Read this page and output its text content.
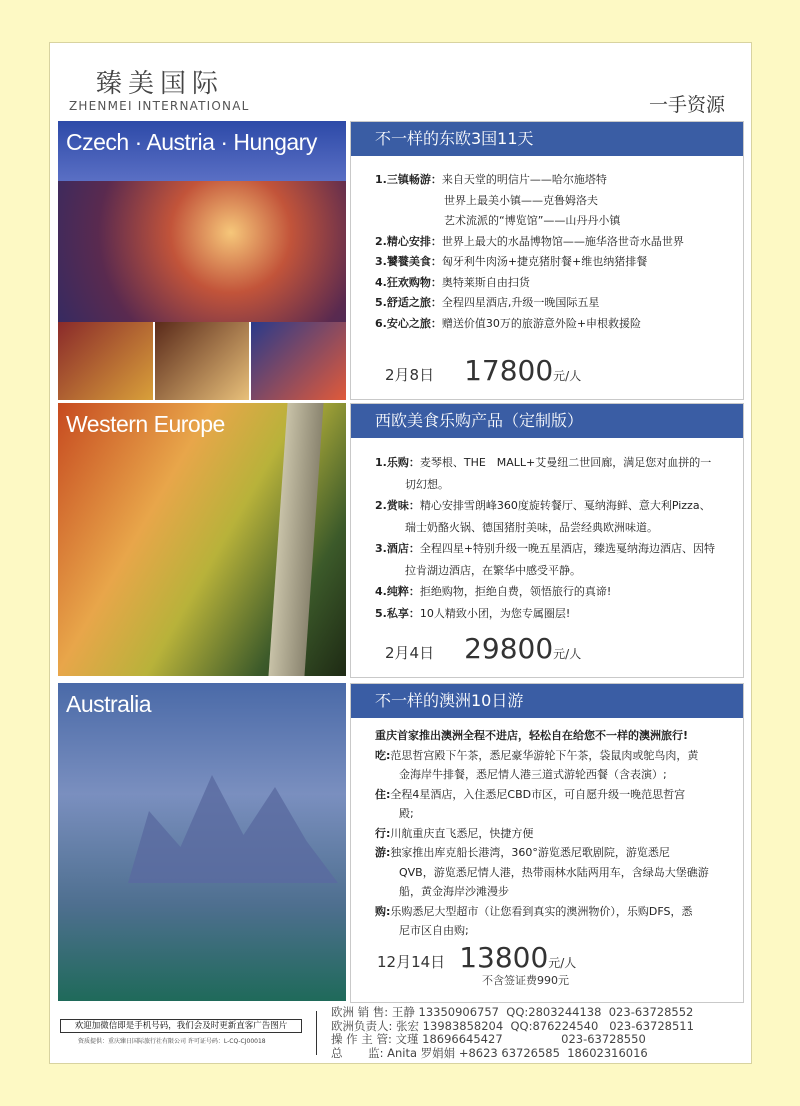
臻美国际
ZHENMEI INTERNATIONAL	一手资源
Czech · Austria · Hungary	不一样的东欧3国11天
1.三镇畅游：来自天堂的明信片——哈尔施塔特
世界上最美小镇——克鲁姆洛夫
艺术流派的“博览馆”——山丹丹小镇
2.精心安排：世界上最大的水晶博物馆——施华洛世奇水晶世界
3.饕餮美食：匈牙利牛肉汤+捷克猪肘餐+维也纳猪排餐
4.狂欢购物：奥特莱斯自由扫货
5.舒适之旅：全程四星酒店,升级一晚国际五星
6.安心之旅：赠送价值30万的旅游意外险+申根救援险
2月8日 17800元/人
Western Europe	西欧美食乐购产品（定制版）
1.乐购：麦琴根、THE　MALL+艾曼纽二世回廊，满足您对血拼的一
切幻想。
2.赏味：精心安排雪朗峰360度旋转餐厅、戛纳海鲜、意大利Pizza、
瑞士奶酪火锅、德国猪肘美味，品尝经典欧洲味道。
3.酒店：全程四星+特别升级一晚五星酒店，臻选戛纳海边酒店、因特
拉肯湖边酒店，在繁华中感受平静。
4.纯粹：拒绝购物，拒绝自费，领悟旅行的真谛!
5.私享：10人精致小团，为您专属圈层!
2月4日 29800元/人
Australia	不一样的澳洲10日游
重庆首家推出澳洲全程不进店，轻松自在给您不一样的澳洲旅行!
吃:范思哲宫殿下午茶，悉尼豪华游轮下午茶，袋鼠肉或鸵鸟肉，黄
金海岸牛排餐，悉尼情人港三道式游轮西餐（含表演）;
住:全程4星酒店，入住悉尼CBD市区，可自愿升级一晚范思哲宫
殿;
行:川航重庆直飞悉尼，快捷方便
游:独家推出库克船长港湾，360°游览悉尼歌剧院，游览悉尼
QVB，游览悉尼情人港，热带雨林水陆两用车，含绿岛大堡礁游
船，黄金海岸沙滩漫步
购:乐购悉尼大型超市（让您看到真实的澳洲物价），乐购DFS，悉
尼市区自由购;
12月14日 13800元/人
不含签证费990元
欢迎加微信即是手机号码，我们会及时更新直客广告图片
资质提供：重庆臻日国际旅行社有限公司 许可证号码：L-CQ-CJ00018
欧洲 销 售: 王静 13350906757  QQ:2803244138  023-63728552
欧洲负责人: 张宏 13983858204  QQ:876224540   023-63728511
操 作 主 管: 文瑾 18696645427                023-63728550
总       监: Anita 罗娟娟 +8623 63726585  18602316016
